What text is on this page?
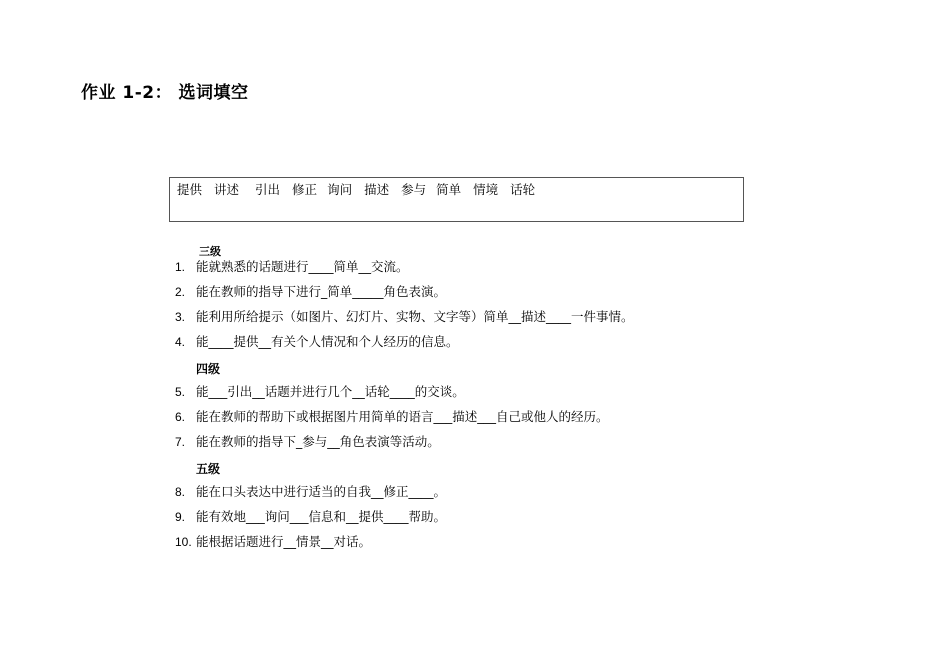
作业 1-2： 选词填空
提供 讲述 引出 修正 询问 描述 参与 简单 情境 话轮
三级
1. 能就熟悉的话题进行____简单__交流。
2. 能在教师的指导下进行_简单_____角色表演。
3. 能利用所给提示（如图片、幻灯片、实物、文字等）简单__描述____一件事情。
4. 能____提供__有关个人情况和个人经历的信息。
四级
5. 能___引出__话题并进行几个__话轮____的交谈。
6. 能在教师的帮助下或根据图片用简单的语言___描述___自己或他人的经历。
7. 能在教师的指导下_参与__角色表演等活动。
五级
8. 能在口头表达中进行适当的自我__修正____。
9. 能有效地___询问___信息和__提供____帮助。
10. 能根据话题进行__情景__对话。
